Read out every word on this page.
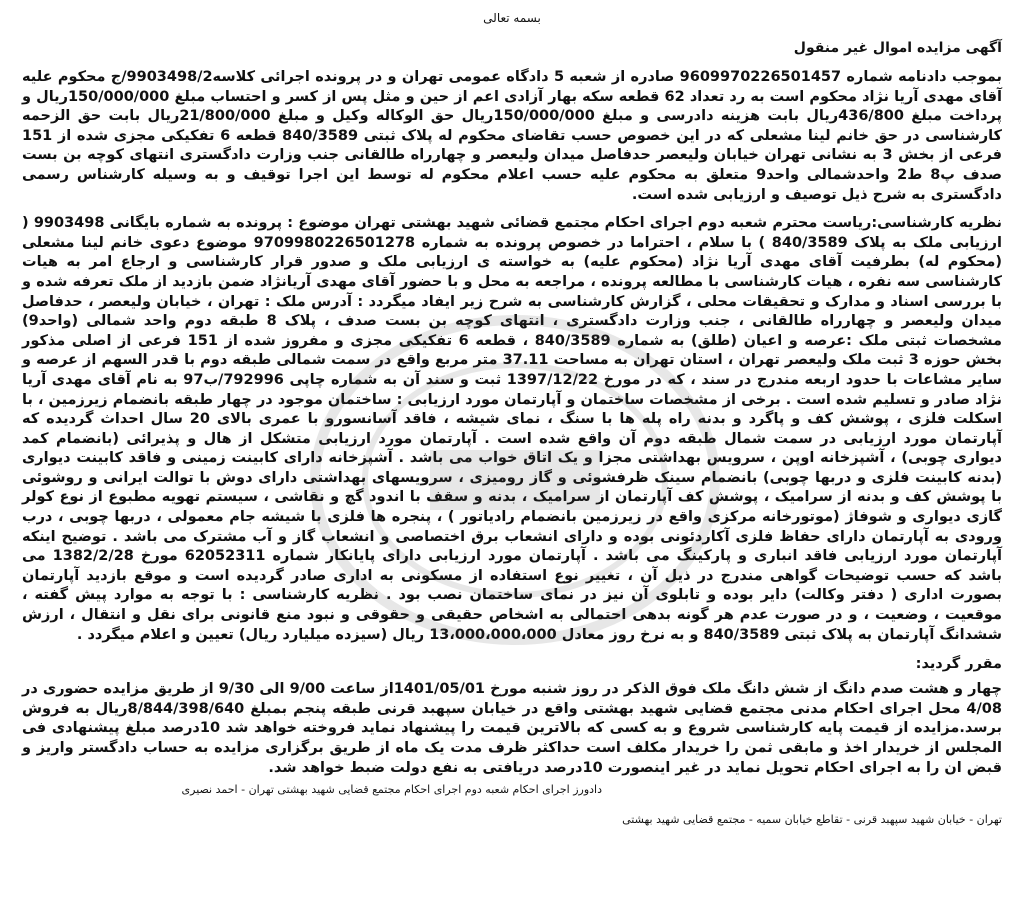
بسمه تعالی
آگهی مزایده اموال غیر منقول

بموجب دادنامه شماره 9609970226501457 صادره از شعبه 5 دادگاه عمومی تهران و در پرونده اجرائی کلاسه9903498/2/ج محکوم علیه آقای مهدی آریا نژاد محکوم است به رد تعداد 62 قطعه سکه بهار آزادی اعم از حین و مثل پس از کسر و احتساب مبلغ 150/000/000ریال و پرداخت مبلغ 436/800ریال بابت هزینه دادرسی و مبلغ 150/000/000ریال حق الوکاله وکیل و مبلغ 21/800/000ریال بابت حق الزحمه کارشناسی در حق خانم لینا مشعلی که در این خصوص حسب تقاضای محکوم له پلاک ثبتی 840/3589 قطعه 6 تفکیکی مجزی شده از 151 فرعی از بخش 3 به نشانی تهران خیابان ولیعصر حدفاصل میدان ولیعصر و چهارراه طالقانی جنب وزارت دادگستری انتهای کوچه بن بست صدف پ8 ط2 واحدشمالی واحد9 متعلق به محکوم علیه حسب اعلام محکوم له توسط این اجرا توقیف و به وسیله کارشناس رسمی دادگستری به شرح ذیل توصیف و ارزیابی شده است.

نظریه کارشناسی:ریاست محترم شعبه دوم اجرای احکام مجتمع قضائی شهید بهشتی تهران موضوع : پرونده به شماره بایگانی 9903498 ( ارزیابی ملک به پلاک 840/3589 ) با سلام ، احتراما در خصوص پرونده به شماره 9709980226501278 موضوع دعوی خانم لینا مشعلی (محکوم له) بطرفیت آقای مهدی آریا نژاد (محکوم علیه) به خواسته ی ارزیابی ملک و صدور قرار کارشناسی و ارجاع امر به هیات کارشناسی سه نفره ، هیات کارشناسی با مطالعه پرونده ، مراجعه به محل و با حضور آقای مهدی آریانژاد ضمن بازدید از ملک تعرفه شده و با بررسی اسناد و مدارک و تحقیقات محلی ، گزارش کارشناسی به شرح زیر ایفاد میگردد : آدرس ملک : تهران ، خیابان ولیعصر ، حدفاصل میدان ولیعصر و چهارراه طالقانی ، جنب وزارت دادگستری ، انتهای کوچه بن بست صدف ، پلاک 8 طبقه دوم واحد شمالی (واحد9) مشخصات ثبتی ملک :عرصه و اعیان (طلق) به شماره 840/3589 ، قطعه 6 تفکیکی مجزی و مفروز شده از 151 فرعی از اصلی مذکور بخش حوزه 3 ثبت ملک ولیعصر تهران ، استان تهران به مساحت 37.11 متر مربع واقع در سمت شمالی طبقه دوم با قدر السهم از عرصه و سایر مشاعات با حدود اربعه مندرج در سند ، که در مورخ 1397/12/22 ثبت و سند آن به شماره چاپی 792996/ب97 به نام آقای مهدی آریا نژاد صادر و تسلیم شده است . برخی از مشخصات ساختمان و آپارتمان مورد ارزیابی : ساختمان موجود در چهار طبقه بانضمام زیرزمین ، با اسکلت فلزی ، پوشش کف و پاگرد و بدنه راه پله ها با سنگ ، نمای شیشه ، فاقد آسانسورو با عمری بالای 20 سال احداث گردیده که آپارتمان مورد ارزیابی در سمت شمال طبقه دوم آن واقع شده است . آپارتمان مورد ارزیابی متشکل از هال و پذیرائی (بانضمام کمد دیواری چوبی) ، آشپزخانه اوپن ، سرویس بهداشتی مجزا و یک اتاق خواب می باشد . آشپزخانه دارای کابینت زمینی و فاقد کابینت دیواری (بدنه کابینت فلزی و دربها چوبی) بانضمام سینک ظرفشوئی و گاز رومیزی ، سرویسهای بهداشتی دارای دوش با توالت ایرانی و روشوئی با پوشش کف و بدنه از سرامیک ، پوشش کف آپارتمان از سرامیک ، بدنه و سقف با اندود گچ و نقاشی ، سیستم تهویه مطبوع از نوع کولر گازی دیواری و شوفاژ (موتورخانه مرکزی واقع در زیرزمین بانضمام رادیاتور ) ، پنجره ها فلزی با شیشه جام معمولی ، دربها چوبی ، درب ورودی به آپارتمان دارای حفاظ فلزی آکاردئونی بوده و دارای انشعاب برق اختصاصی و انشعاب گاز و آب مشترک می باشد . توضیح اینکه آپارتمان مورد ارزیابی فاقد انباری و پارکینگ می باشد . آپارتمان مورد ارزیابی دارای پایانکار شماره 62052311 مورخ 1382/2/28 می باشد که حسب توضیحات گواهی مندرج در ذیل آن ، تغییر نوع استفاده از مسکونی به اداری صادر گردیده است و موقع بازدید آپارتمان بصورت اداری ( دفتر وکالت) دایر بوده و تابلوی آن نیز در نمای ساختمان نصب بود . نظریه کارشناسی : با توجه به موارد پیش گفته ، موقعیت ، وضعیت ، و در صورت عدم هر گونه بدهی احتمالی به اشخاص حقیقی و حقوقی و نبود منع قانونی برای نقل و انتقال ، ارزش ششدانگ آپارتمان به پلاک ثبتی 840/3589 و به نرخ روز معادل 13،000،000،000 ریال (سیزده میلیارد ریال) تعیین و اعلام میگردد .

مقرر گردید:

چهار و هشت صدم دانگ از شش دانگ ملک فوق الذکر در روز شنبه مورخ 1401/05/01از ساعت 9/00 الی 9/30 از طریق مزایده حضوری در 4/08 محل اجرای احکام مدنی مجتمع قضایی شهید بهشتی واقع در خیابان سپهبد قرنی طبقه پنجم بمبلغ 8/844/398/640ریال به فروش برسد.مزایده از قیمت پایه کارشناسی شروع و به کسی که بالاترین قیمت را پیشنهاد نماید فروخته خواهد شد 10درصد مبلغ پیشنهادی فی المجلس از خریدار اخذ و مابقی ثمن را خریدار مکلف است حداکثر ظرف مدت یک ماه از طریق برگزاری مزایده به حساب دادگستر واریز و قبض ان را به اجرای احکام تحویل نماید در غیر اینصورت 10درصد دریافتی به نفع دولت ضبط خواهد شد.

دادورز اجرای احکام شعبه دوم اجرای احکام مجتمع قضایی شهید بهشتی تهران - احمد نصیری
تهران - خیابان شهید سپهبد قرنی - تقاطع خیابان سمیه - مجتمع قضایی شهید بهشتی
